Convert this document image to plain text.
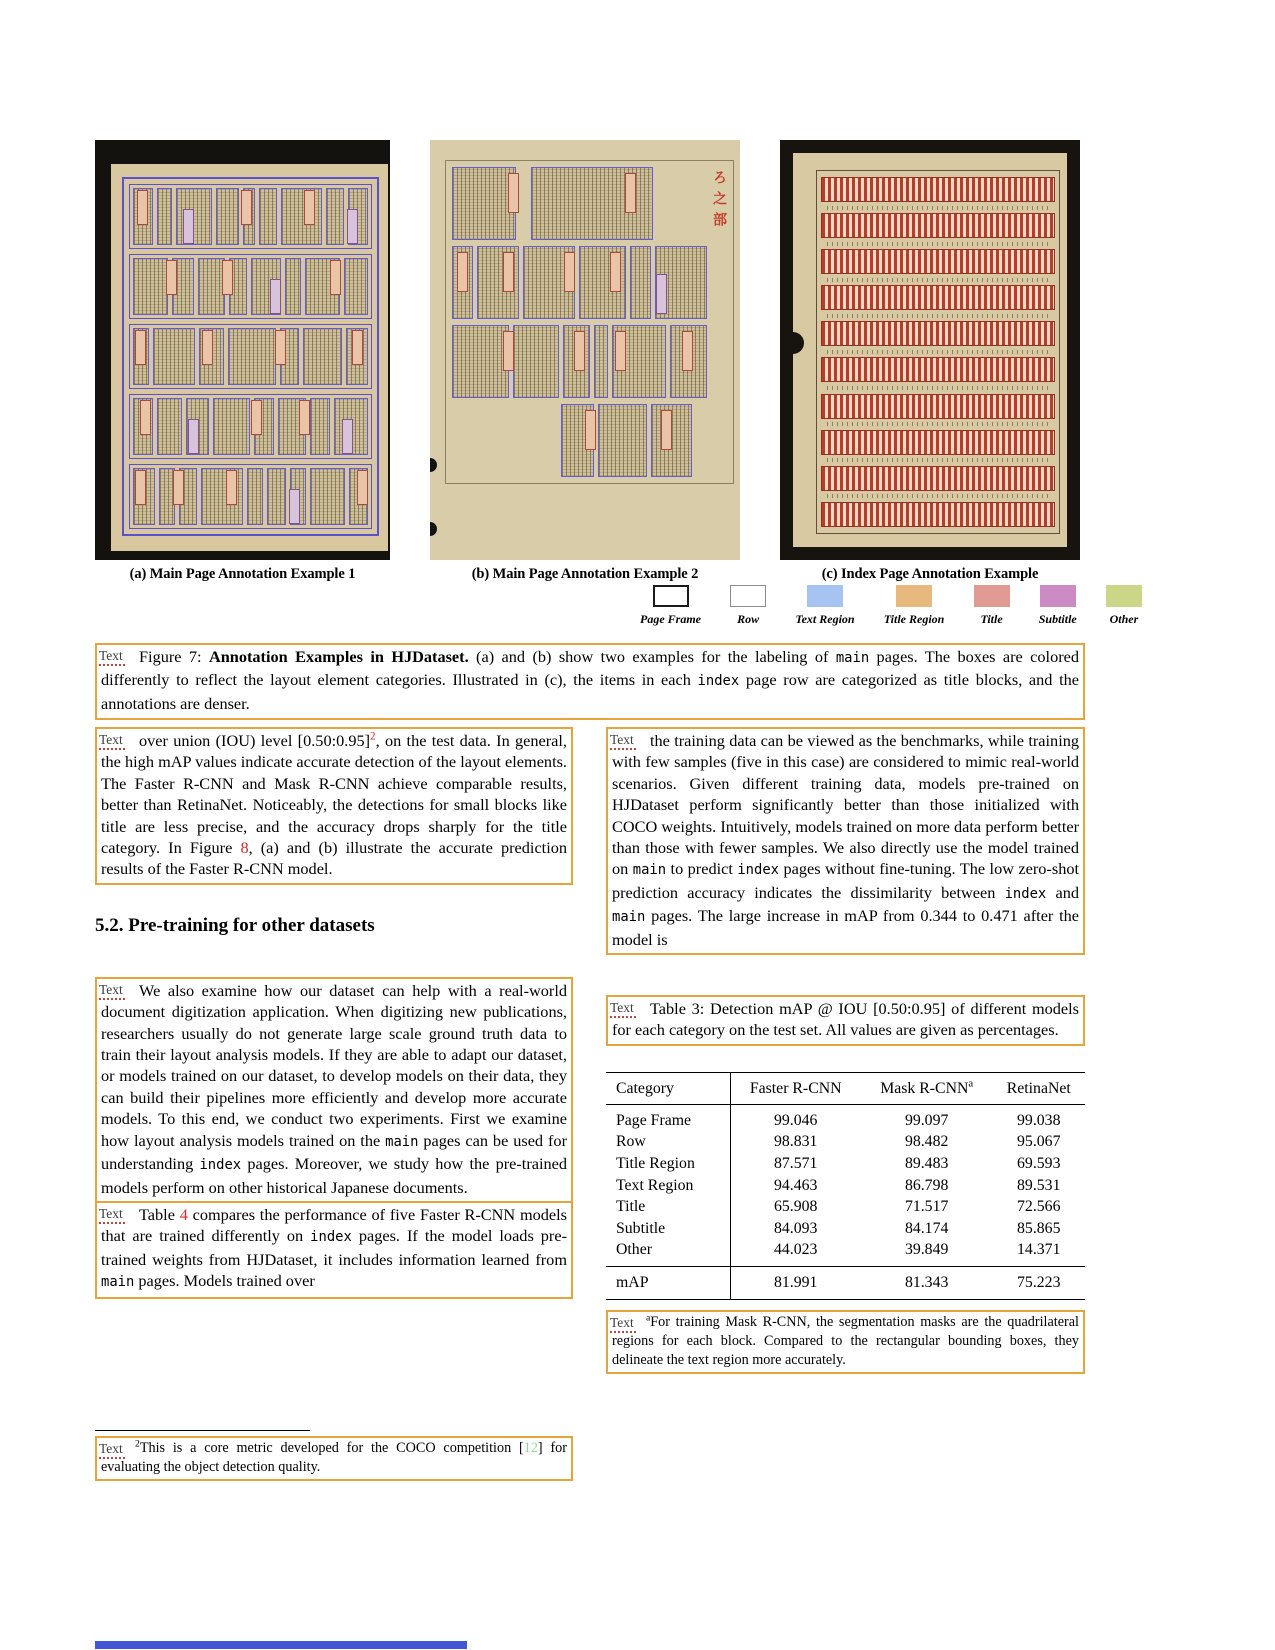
(a) Main Page Annotation Example 1
ろ之部
(b) Main Page Annotation Example 2	(c) Index Page Annotation Example
Page Frame	Row	Text Region Title Region	Title	Subtitle	Other
Text Figure 7: Annotation Examples in HJDataset. (a) and (b) show two examples for the labeling of main pages. The boxes are colored differently to reflect the layout element categories. Illustrated in (c), the items in each index page row are categorized as title blocks, and the annotations are denser.

Text over union (IOU) level [0.50:0.95]$^2$, on the test data. In general, the high mAP values indicate accurate detection of the layout elements. The Faster R-CNN and Mask R-CNN achieve comparable results, better than RetinaNet. Noticeably, the detections for small blocks like title are less precise, and the accuracy drops sharply for the title category. In Figure 8, (a) and (b) illustrate the accurate prediction results of the Faster R-CNN model.

5.2. Pre-training for other datasets
Text We also examine how our dataset can help with a real-world document digitization application. When digitizing new publications, researchers usually do not generate large scale ground truth data to train their layout analysis models. If they are able to adapt our dataset, or models trained on our dataset, to develop models on their data, they can build their pipelines more efficiently and develop more accurate models. To this end, we conduct two experiments. First we examine how layout analysis models trained on the main pages can be used for understanding index pages. Moreover, we study how the pre-trained models perform on other historical Japanese documents.

Text Table 4 compares the performance of five Faster R-CNN models that are trained differently on index pages. If the model loads pre-trained weights from HJDataset, it includes information learned from main pages. Models trained over

Text	$^2$This is a core metric developed for the COCO competition [12] for evaluating the object detection quality.

Text the training data can be viewed as the benchmarks, while training with few samples (five in this case) are considered to mimic real-world scenarios. Given different training data, models pre-trained on HJDataset perform significantly better than those initialized with COCO weights. Intuitively, models trained on more data perform better than those with fewer samples. We also directly use the model trained on main to predict index pages without fine-tuning. The low zero-shot prediction accuracy indicates the dissimilarity between index and main pages. The large increase in mAP from 0.344 to 0.471 after the model is

Text Table 3: Detection mAP @ IOU [0.50:0.95] of different models for each category on the test set. All values are given as percentages.

Category	Faster R-CNN	Mask R-CNN$^a$	RetinaNet
Page Frame	99.046	99.097	99.038
Row	98.831	98.482	95.067
Title Region	87.571	89.483	69.593
Text Region	94.463	86.798	89.531
Title	65.908	71.517	72.566
Subtitle	84.093	84.174	85.865
Other	44.023	39.849	14.371
mAP	81.991	81.343	75.223
Text	$^a$For training Mask R-CNN, the segmentation masks are the quadrilateral regions for each block. Compared to the rectangular bounding boxes, they delineate the text region more accurately.
